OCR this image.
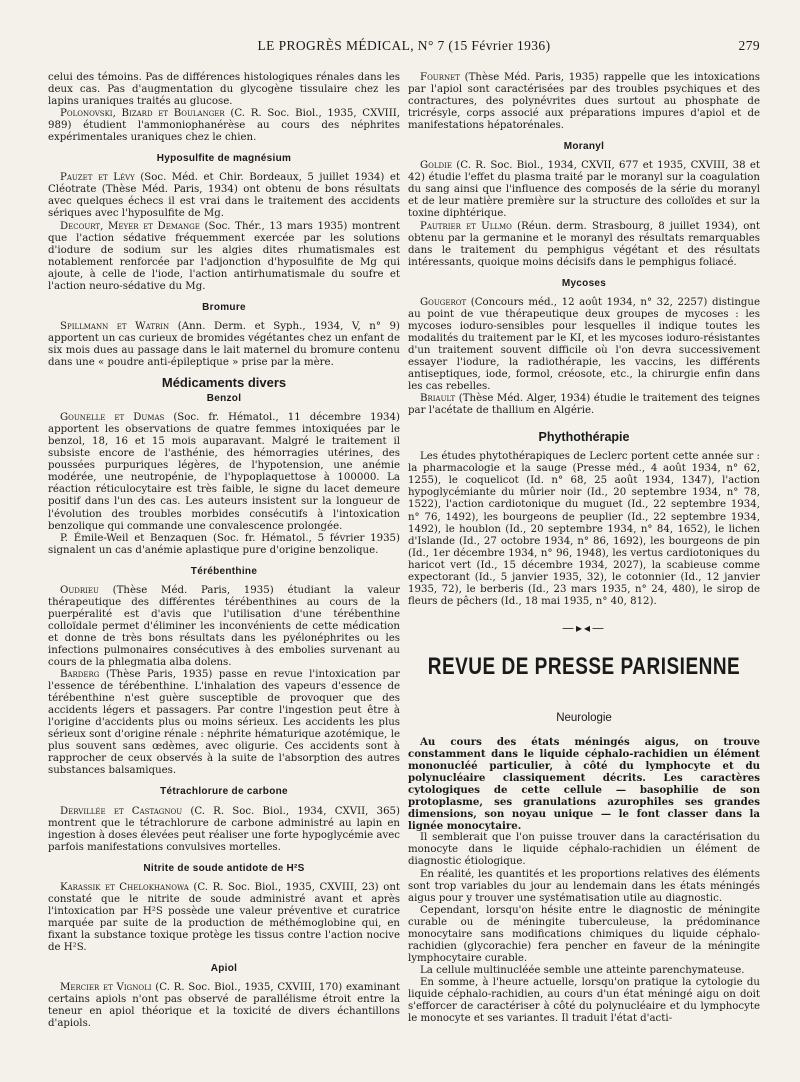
LE PROGRÈS MÉDICAL, N° 7 (15 Février 1936)	279

celui des témoins. Pas de différences histologiques rénales dans les deux cas. Pas d'augmentation du glycogène tissulaire chez les lapins uraniques traités au glucose.

Polonovski, Bizard et Boulanger (C. R. Soc. Biol., 1935, CXVIII, 989) étudient l'ammoniophanérèse au cours des néphrites expérimentales uraniques chez le chien.

Hyposulfite de magnésium

Pauzet et Lévy (Soc. Méd. et Chir. Bordeaux, 5 juillet 1934) et Cléotrate (Thèse Méd. Paris, 1934) ont obtenu de bons résultats avec quelques échecs il est vrai dans le traitement des accidents sériques avec l'hyposulfite de Mg.

Decourt, Meyer et Demange (Soc. Thér., 13 mars 1935) montrent que l'action sédative fréquemment exercée par les solutions d'iodure de sodium sur les algies dites rhumatismales est notablement renforcée par l'adjonction d'hyposulfite de Mg qui ajoute, à celle de l'iode, l'action antirhumatismale du soufre et l'action neuro-sédative du Mg.

Bromure

Spillmann et Watrin (Ann. Derm. et Syph., 1934, V, n° 9) apportent un cas curieux de bromides végétantes chez un enfant de six mois dues au passage dans le lait maternel du bromure contenu dans une « poudre anti-épileptique » prise par la mère.

Médicaments divers
Benzol

Gounelle et Dumas (Soc. fr. Hématol., 11 décembre 1934) apportent les observations de quatre femmes intoxiquées par le benzol, 18, 16 et 15 mois auparavant. Malgré le traitement il subsiste encore de l'asthénie, des hémorragies utérines, des poussées purpuriques légères, de l'hypotension, une anémie modérée, une neutropénie, de l'hypoplaquettose à 100000. La réaction réticulocytaire est très faible, le signe du lacet demeure positif dans l'un des cas. Les auteurs insistent sur la longueur de l'évolution des troubles morbides consécutifs à l'intoxication benzolique qui commande une convalescence prolongée.

P. Émile-Weil et Benzaquen (Soc. fr. Hématol., 5 février 1935) signalent un cas d'anémie aplastique pure d'origine benzolique.

Térébenthine

Oudrieu (Thèse Méd. Paris, 1935) étudiant la valeur thérapeutique des différentes térébenthines au cours de la puerpéralité est d'avis que l'utilisation d'une térébenthine colloïdale permet d'éliminer les inconvénients de cette médication et donne de très bons résultats dans les pyélonéphrites ou les infections pulmonaires consécutives à des embolies survenant au cours de la phlegmatia alba dolens.

Barderg (Thèse Paris, 1935) passe en revue l'intoxication par l'essence de térébenthine. L'inhalation des vapeurs d'essence de térébenthine n'est guère susceptible de provoquer que des accidents légers et passagers. Par contre l'ingestion peut être à l'origine d'accidents plus ou moins sérieux. Les accidents les plus sérieux sont d'origine rénale : néphrite hématurique azotémique, le plus souvent sans œdèmes, avec oligurie. Ces accidents sont à rapprocher de ceux observés à la suite de l'absorption des autres substances balsamiques.

Tétrachlorure de carbone

Dervillée et Castagnou (C. R. Soc. Biol., 1934, CXVII, 365) montrent que le tétrachlorure de carbone administré au lapin en ingestion à doses élevées peut réaliser une forte hypoglycémie avec parfois manifestations convulsives mortelles.

Nitrite de soude antidote de H²S

Karassik et Chelokhanowa (C. R. Soc. Biol., 1935, CXVIII, 23) ont constaté que le nitrite de soude administré avant et après l'intoxication par H²S possède une valeur préventive et curatrice marquée par suite de la production de méthémoglobine qui, en fixant la substance toxique protège les tissus contre l'action nocive de H²S.

Apiol

Mercier et Vignoli (C. R. Soc. Biol., 1935, CXVIII, 170) examinant certains apiols n'ont pas observé de parallélisme étroit entre la teneur en apiol théorique et la toxicité de divers échantillons d'apiols.

Fournet (Thèse Méd. Paris, 1935) rappelle que les intoxications par l'apiol sont caractérisées par des troubles psychiques et des contractures, des polynévrites dues surtout au phosphate de tricrésyle, corps associé aux préparations impures d'apiol et de manifestations hépatorénales.

Moranyl

Goldie (C. R. Soc. Biol., 1934, CXVII, 677 et 1935, CXVIII, 38 et 42) étudie l'effet du plasma traité par le moranyl sur la coagulation du sang ainsi que l'influence des composés de la série du moranyl et de leur matière première sur la structure des colloïdes et sur la toxine diphtérique.

Pautrier et Ullmo (Réun. derm. Strasbourg, 8 juillet 1934), ont obtenu par la germanine et le moranyl des résultats remarquables dans le traitement du pemphigus végétant et des résultats intéressants, quoique moins décisifs dans le pemphigus foliacé.

Mycoses

Gougerot (Concours méd., 12 août 1934, n° 32, 2257) distingue au point de vue thérapeutique deux groupes de mycoses : les mycoses ioduro-sensibles pour lesquelles il indique toutes les modalités du traitement par le KI, et les mycoses ioduro-résistantes d'un traitement souvent difficile où l'on devra successivement essayer l'iodure, la radiothérapie, les vaccins, les différents antiseptiques, iode, formol, créosote, etc., la chirurgie enfin dans les cas rebelles.

Briault (Thèse Méd. Alger, 1934) étudie le traitement des teignes par l'acétate de thallium en Algérie.

Phythothérapie

Les études phytothérapiques de Leclerc portent cette année sur : la pharmacologie et la sauge (Presse méd., 4 août 1934, n° 62, 1255), le coquelicot (Id. n° 68, 25 août 1934, 1347), l'action hypoglycémiante du mûrier noir (Id., 20 septembre 1934, n° 78, 1522), l'action cardiotonique du muguet (Id., 22 septembre 1934, n° 76, 1492), les bourgeons de peuplier (Id., 22 septembre 1934, 1492), le houblon (Id., 20 septembre 1934, n° 84, 1652), le lichen d'Islande (Id., 27 octobre 1934, n° 86, 1692), les bourgeons de pin (Id., 1er décembre 1934, n° 96, 1948), les vertus cardiotoniques du haricot vert (Id., 15 décembre 1934, 2027), la scabieuse comme expectorant (Id., 5 janvier 1935, 32), le cotonnier (Id., 12 janvier 1935, 72), le berberis (Id., 23 mars 1935, n° 24, 480), le sirop de fleurs de pêchers (Id., 18 mai 1935, n° 40, 812).

—▸◂—
REVUE DE PRESSE PARISIENNE
Neurologie

Au cours des états méningés aigus, on trouve constamment dans le liquide céphalo-rachidien un élément mononucléé particulier, à côté du lymphocyte et du polynucléaire classiquement décrits. Les caractères cytologiques de cette cellule — basophilie de son protoplasme, ses granulations azurophiles ses grandes dimensions, son noyau unique — le font classer dans la lignée monocytaire.

Il semblerait que l'on puisse trouver dans la caractérisation du monocyte dans le liquide céphalo-rachidien un élément de diagnostic étiologique.

En réalité, les quantités et les proportions relatives des éléments sont trop variables du jour au lendemain dans les états méningés aigus pour y trouver une systématisation utile au diagnostic.

Cependant, lorsqu'on hésite entre le diagnostic de méningite curable ou de méningite tuberculeuse, la prédominance monocytaire sans modifications chimiques du liquide céphalo-rachidien (glycorachie) fera pencher en faveur de la méningite lymphocytaire curable.

La cellule multinucléée semble une atteinte parenchymateuse.

En somme, à l'heure actuelle, lorsqu'on pratique la cytologie du liquide céphalo-rachidien, au cours d'un état méningé aigu on doit s'efforcer de caractériser à côté du polynucléaire et du lymphocyte le monocyte et ses variantes. Il traduit l'état d'acti-
